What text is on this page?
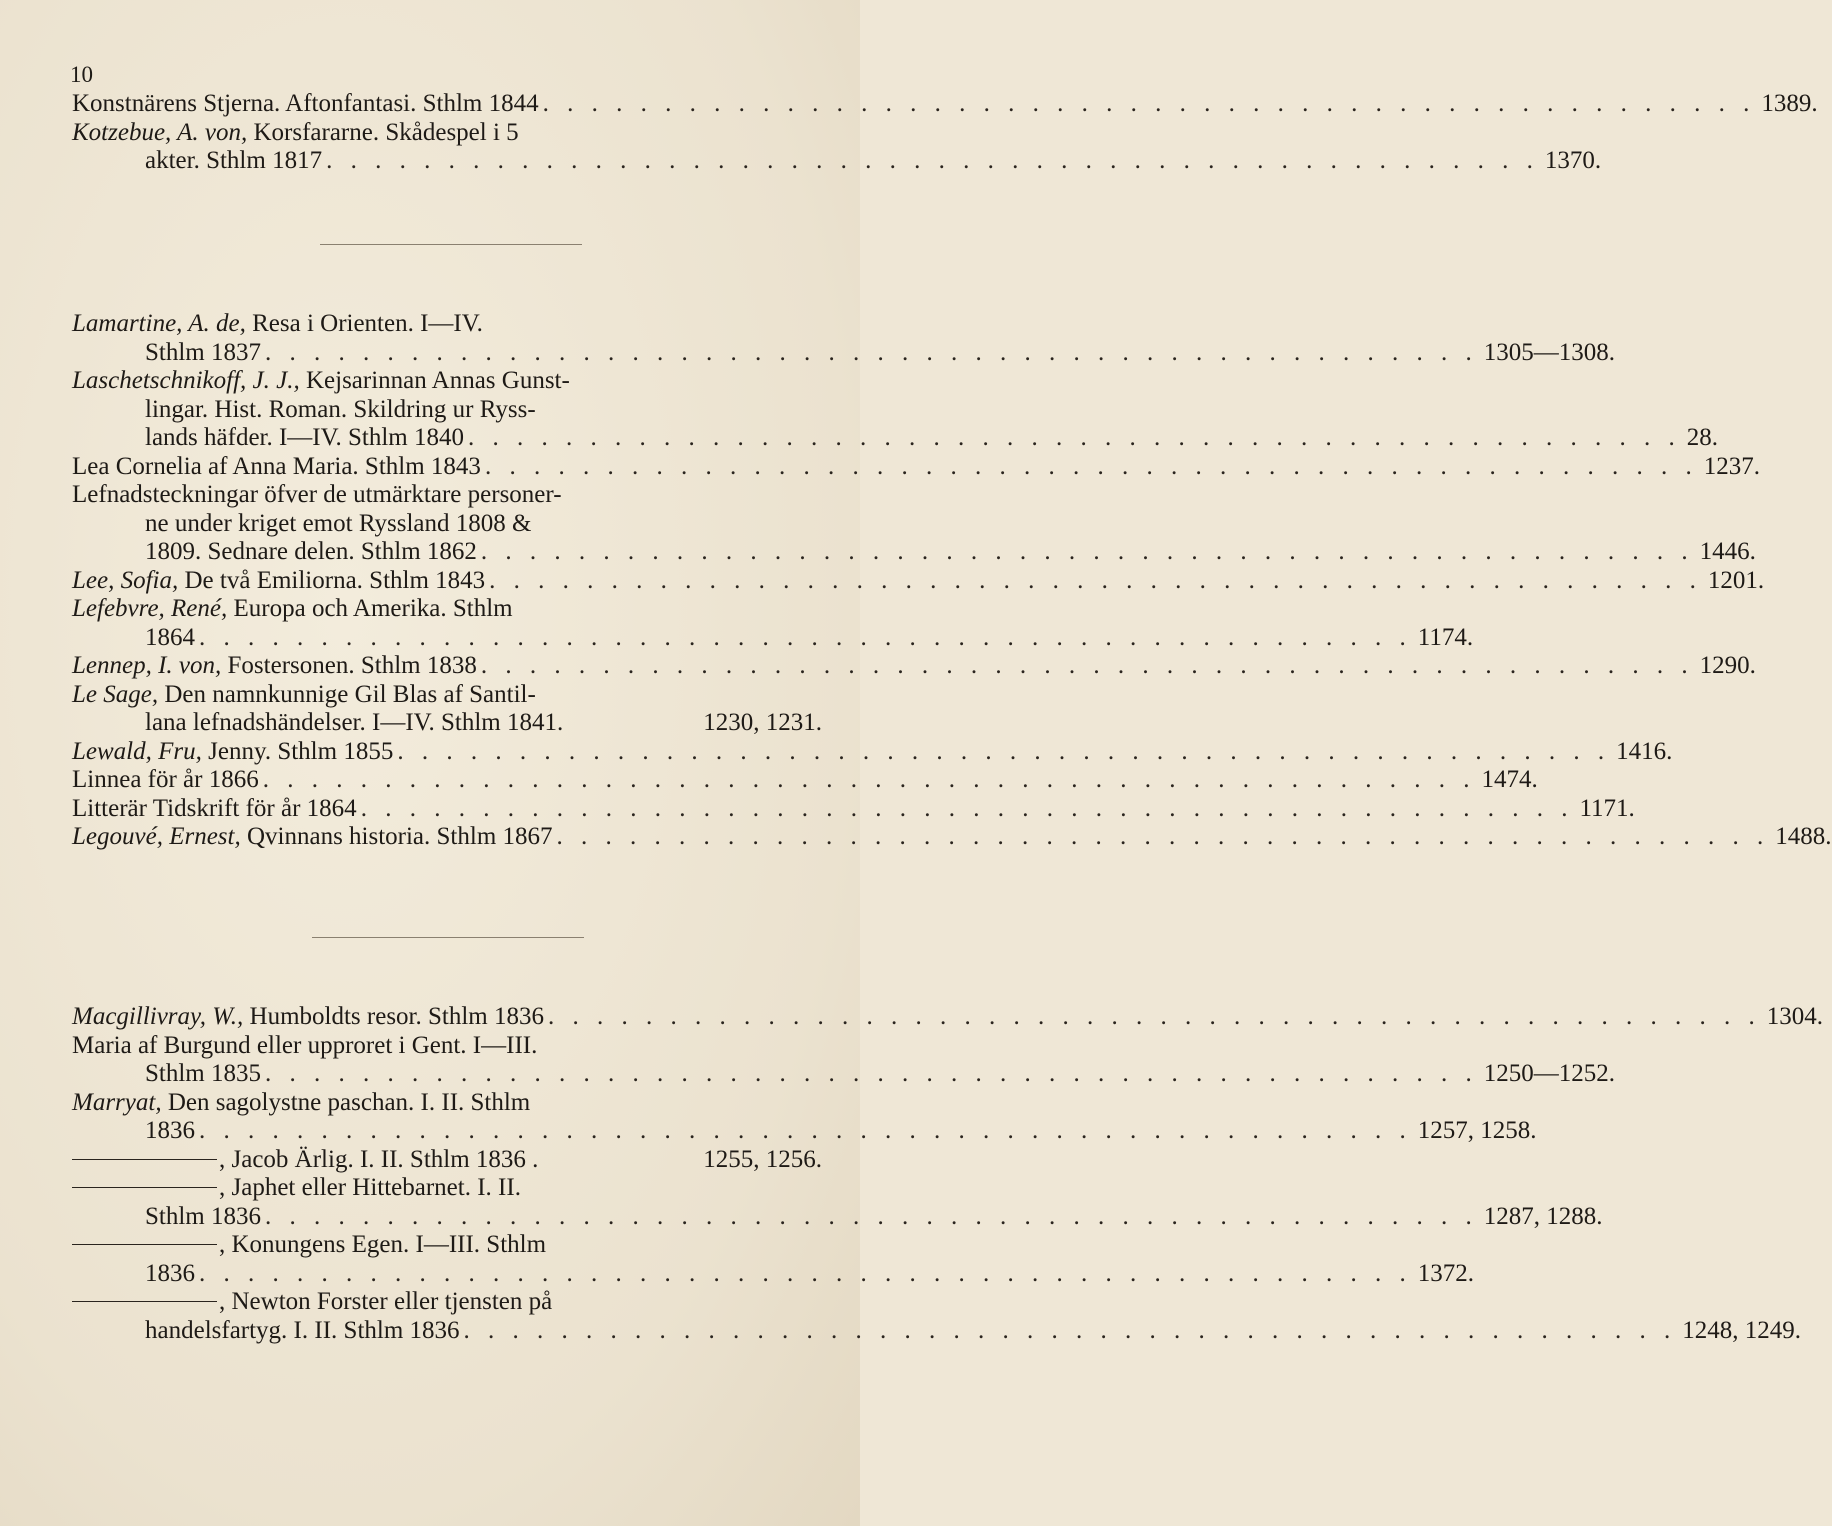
10
Konstnärens Stjerna. Aftonfantasi. Sthlm 1844 . . .	1389.
Kotzebue, A. von, Korsfararne. Skådespel i 5
akter. Sthlm 1817 . . .	1370.
Lamartine, A. de, Resa i Orienten. I—IV.
Sthlm 1837 . . .	1305—1308.
Laschetschnikoff, J. J., Kejsarinnan Annas Gunst-
lingar. Hist. Roman. Skildring ur Ryss-
lands häfder. I—IV. Sthlm 1840 . . .	28.
Lea Cornelia af Anna Maria. Sthlm 1843 . . .	1237.
Lefnadsteckningar öfver de utmärktare personer-
ne under kriget emot Ryssland 1808 &
1809. Sednare delen. Sthlm 1862 . . .	1446.
Lee, Sofia, De två Emiliorna. Sthlm 1843 . . .	1201.
Lefebvre, René, Europa och Amerika. Sthlm
1864 . . .	1174.
Lennep, I. von, Fostersonen. Sthlm 1838 . . .	1290.
Le Sage, Den namnkunnige Gil Blas af Santil-
lana lefnadshändelser. I—IV. Sthlm 1841.	1230, 1231.
Lewald, Fru, Jenny. Sthlm 1855 . . .	1416.
Linnea för år 1866 . . .	1474.
Litterär Tidskrift för år 1864 . . .	1171.
Legouvé, Ernest, Qvinnans historia. Sthlm 1867 . . .	1488.
Macgillivray, W., Humboldts resor. Sthlm 1836 . . .	1304.
Maria af Burgund eller upproret i Gent. I—III.
Sthlm 1835 . . .	1250—1252.
Marryat, Den sagolystne paschan. I. II. Sthlm
1836 . . .	1257, 1258.
, Jacob Ärlig. I. II. Sthlm 1836 .	1255, 1256.
, Japhet eller Hittebarnet. I. II.
Sthlm 1836 . . .	1287, 1288.
, Konungens Egen. I—III. Sthlm
1836 . . .	1372.
, Newton Forster eller tjensten på
handelsfartyg. I. II. Sthlm 1836 . . .	1248, 1249.
